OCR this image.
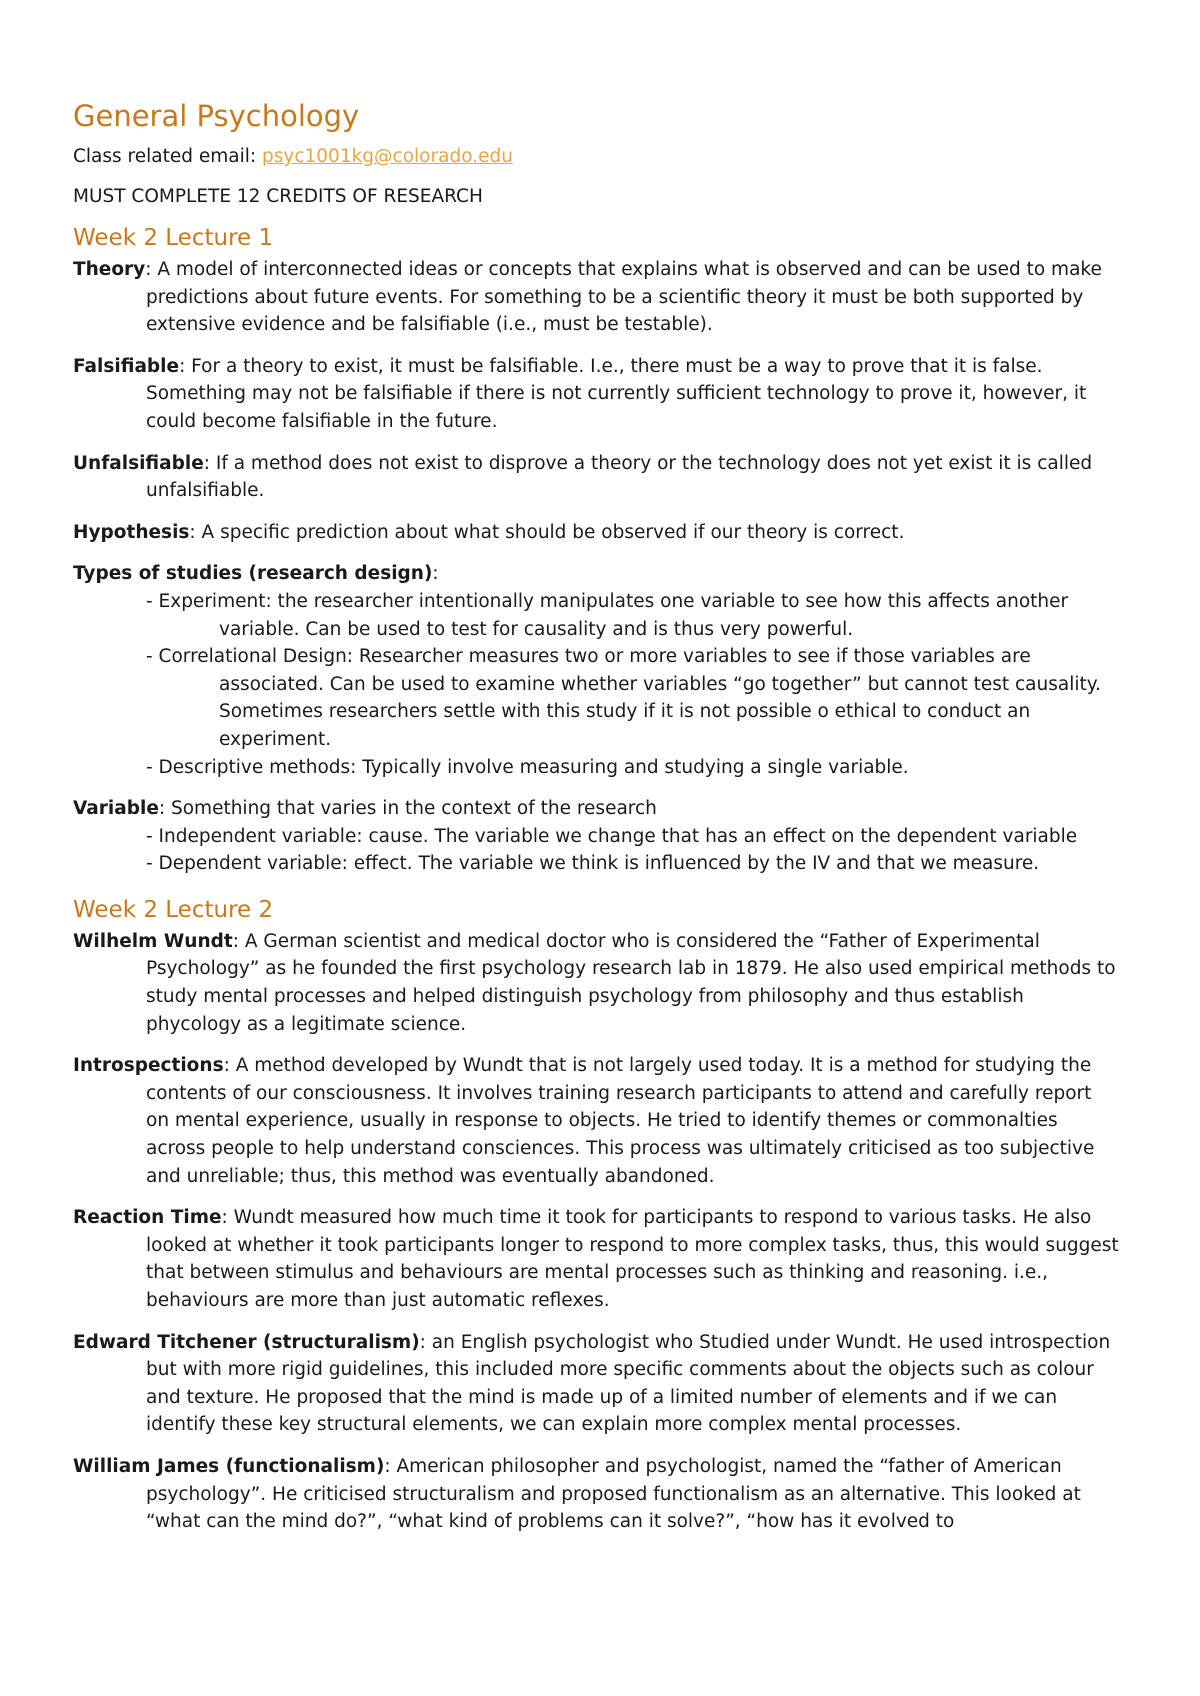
General Psychology

Class related email: psyc1001kg@colorado.edu

MUST COMPLETE 12 CREDITS OF RESEARCH

Week 2 Lecture 1

Theory: A model of interconnected ideas or concepts that explains what is observed and can be used to make predictions about future events. For something to be a scientific theory it must be both supported by extensive evidence and be falsifiable (i.e., must be testable).

Falsifiable: For a theory to exist, it must be falsifiable. I.e., there must be a way to prove that it is false. Something may not be falsifiable if there is not currently sufficient technology to prove it, however, it could become falsifiable in the future.

Unfalsifiable: If a method does not exist to disprove a theory or the technology does not yet exist it is called unfalsifiable.

Hypothesis: A specific prediction about what should be observed if our theory is correct.

Types of studies (research design):

- Experiment: the researcher intentionally manipulates one variable to see how this affects another variable. Can be used to test for causality and is thus very powerful.

- Correlational Design: Researcher measures two or more variables to see if those variables are associated. Can be used to examine whether variables “go together” but cannot test causality. Sometimes researchers settle with this study if it is not possible o ethical to conduct an experiment.

- Descriptive methods: Typically involve measuring and studying a single variable.

Variable: Something that varies in the context of the research

- Independent variable: cause. The variable we change that has an effect on the dependent variable

- Dependent variable: effect. The variable we think is influenced by the IV and that we measure.

Week 2 Lecture 2

Wilhelm Wundt: A German scientist and medical doctor who is considered the “Father of Experimental Psychology” as he founded the first psychology research lab in 1879. He also used empirical methods to study mental processes and helped distinguish psychology from philosophy and thus establish phycology as a legitimate science.

Introspections: A method developed by Wundt that is not largely used today. It is a method for studying the contents of our consciousness. It involves training research participants to attend and carefully report on mental experience, usually in response to objects. He tried to identify themes or commonalties across people to help understand consciences. This process was ultimately criticised as too subjective and unreliable; thus, this method was eventually abandoned.

Reaction Time: Wundt measured how much time it took for participants to respond to various tasks. He also looked at whether it took participants longer to respond to more complex tasks, thus, this would suggest that between stimulus and behaviours are mental processes such as thinking and reasoning. i.e., behaviours are more than just automatic reflexes.

Edward Titchener (structuralism): an English psychologist who Studied under Wundt. He used introspection but with more rigid guidelines, this included more specific comments about the objects such as colour and texture. He proposed that the mind is made up of a limited number of elements and if we can identify these key structural elements, we can explain more complex mental processes.

William James (functionalism): American philosopher and psychologist, named the “father of American psychology”. He criticised structuralism and proposed functionalism as an alternative. This looked at “what can the mind do?”, “what kind of problems can it solve?”, “how has it evolved to
